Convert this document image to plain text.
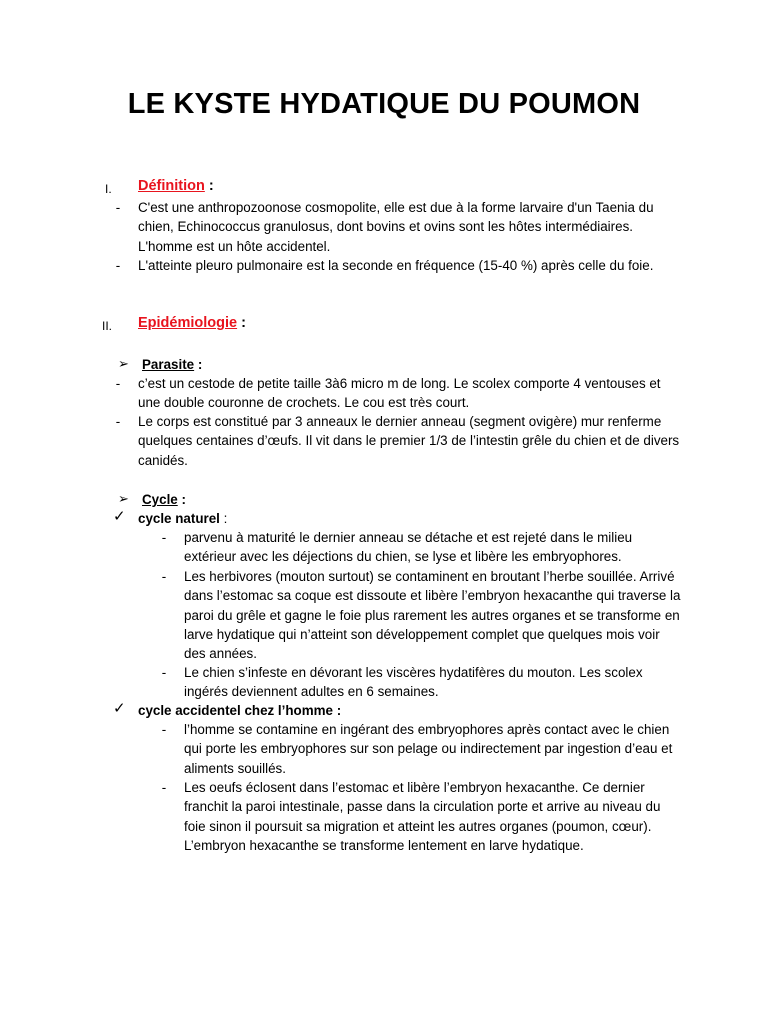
LE KYSTE HYDATIQUE DU POUMON
I. Définition :
-	C'est une anthropozoonose cosmopolite, elle est due à la forme larvaire d'un Taenia du chien, Echinococcus granulosus, dont bovins et ovins sont les hôtes intermédiaires. L'homme est un hôte accidentel.
-	L'atteinte pleuro pulmonaire est la seconde en fréquence (15-40 %) après celle du foie.
II. Epidémiologie :
➢ Parasite :
-	c’est un cestode de petite taille 3à6 micro m de long. Le scolex comporte 4 ventouses et une double couronne de crochets. Le cou est très court.
-	Le corps est constitué par 3 anneaux le dernier anneau (segment ovigère) mur renferme quelques centaines d’œufs. Il vit dans le premier 1/3 de l’intestin grêle du chien et de divers canidés.
➢ Cycle :
✓ cycle naturel :
-	parvenu à maturité le dernier anneau se détache et est rejeté dans le milieu extérieur avec les déjections du chien, se lyse et libère les embryophores.
-	Les herbivores (mouton surtout) se contaminent en broutant l’herbe souillée. Arrivé dans l’estomac sa coque est dissoute et libère l’embryon hexacanthe qui traverse la paroi du grêle et gagne le foie plus rarement les autres organes et se transforme en larve hydatique qui n’atteint son développement complet que quelques mois voir des années.
-	Le chien s’infeste en dévorant les viscères hydatifères du mouton. Les scolex ingérés deviennent adultes en 6 semaines.
✓ cycle accidentel chez l’homme :
-	l’homme se contamine en ingérant des embryophores après contact avec le chien qui porte les embryophores sur son pelage ou indirectement par ingestion d’eau et aliments souillés.
-	Les oeufs éclosent dans l’estomac et libère l’embryon hexacanthe. Ce dernier franchit la paroi intestinale, passe dans la circulation porte et arrive au niveau du foie sinon il poursuit sa migration et atteint les autres organes (poumon, cœur). L’embryon hexacanthe se transforme lentement en larve hydatique.
